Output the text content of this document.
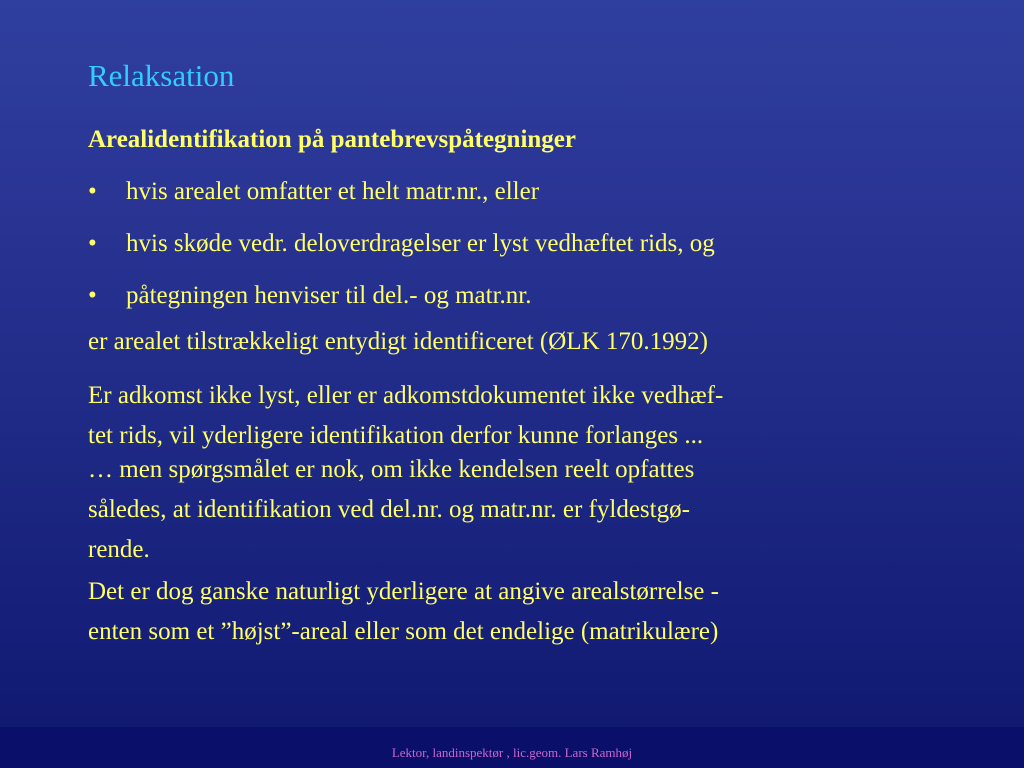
Relaksation
Arealidentifikation på pantebrevspåtegninger
• hvis arealet omfatter et helt matr.nr., eller
• hvis skøde vedr. deloverdragelser er lyst vedhæftet rids, og
• påtegningen henviser til del.- og matr.nr.
er arealet tilstrækkeligt entydigt identificeret (ØLK 170.1992)
Er adkomst ikke lyst, eller er adkomstdokumentet ikke vedhæf-
tet rids, vil yderligere identifikation derfor kunne forlanges ...
… men spørgsmålet er nok, om ikke kendelsen reelt opfattes
således, at identifikation ved del.nr. og matr.nr. er fyldestgø-
rende.
Det er dog ganske naturligt yderligere at angive arealstørrelse -
enten som et ”højst”-areal eller som det endelige (matrikulære)
Lektor, landinspektør , lic.geom. Lars Ramhøj
